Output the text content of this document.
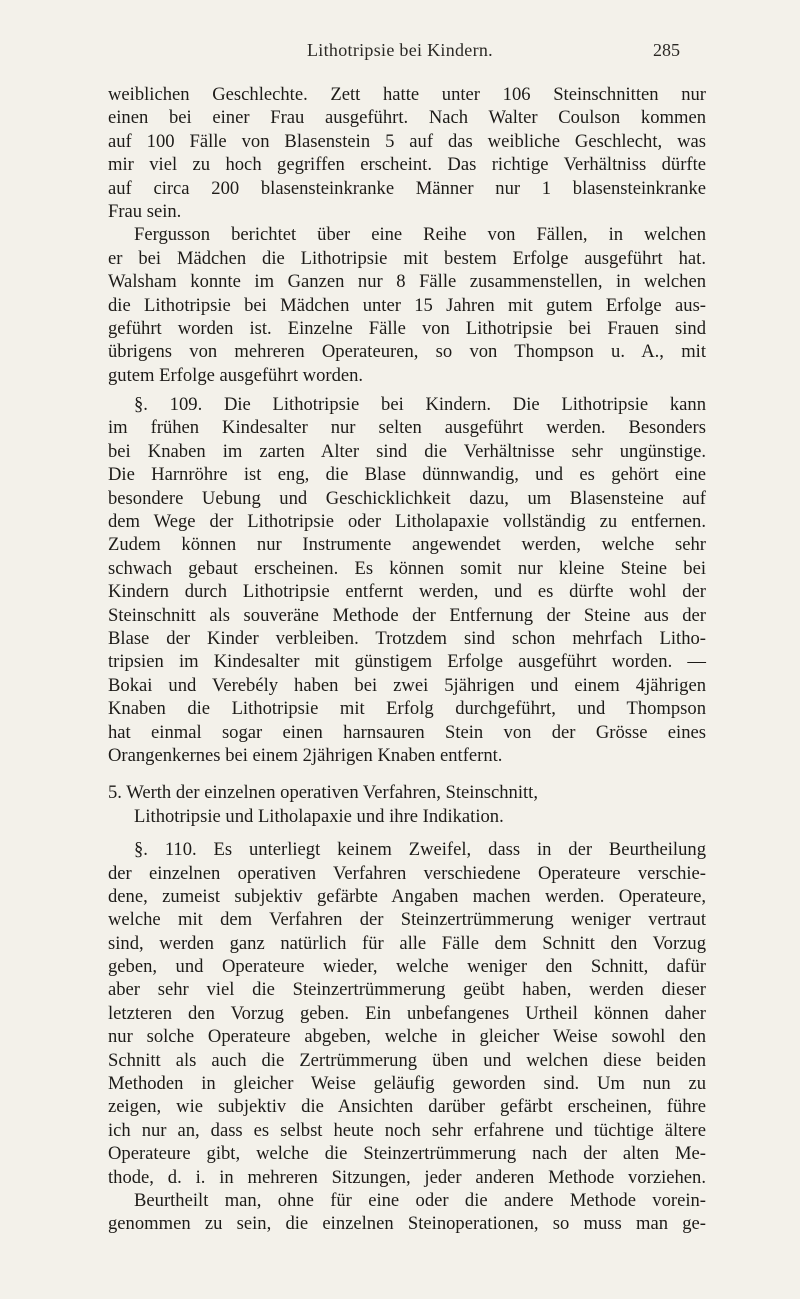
Lithotripsie bei Kindern.	285
weiblichen Geschlechte. Zett hatte unter 106 Steinschnitten nur
einen bei einer Frau ausgeführt. Nach Walter Coulson kommen
auf 100 Fälle von Blasenstein 5 auf das weibliche Geschlecht, was
mir viel zu hoch gegriffen erscheint. Das richtige Verhältniss dürfte
auf circa 200 blasensteinkranke Männer nur 1 blasensteinkranke
Frau sein.
Fergusson berichtet über eine Reihe von Fällen, in welchen
er bei Mädchen die Lithotripsie mit bestem Erfolge ausgeführt hat.
Walsham konnte im Ganzen nur 8 Fälle zusammenstellen, in welchen
die Lithotripsie bei Mädchen unter 15 Jahren mit gutem Erfolge aus-
geführt worden ist. Einzelne Fälle von Lithotripsie bei Frauen sind
übrigens von mehreren Operateuren, so von Thompson u. A., mit
gutem Erfolge ausgeführt worden.
§. 109. Die Lithotripsie bei Kindern. Die Lithotripsie kann
im frühen Kindesalter nur selten ausgeführt werden. Besonders
bei Knaben im zarten Alter sind die Verhältnisse sehr ungünstige.
Die Harnröhre ist eng, die Blase dünnwandig, und es gehört eine
besondere Uebung und Geschicklichkeit dazu, um Blasensteine auf
dem Wege der Lithotripsie oder Litholapaxie vollständig zu entfernen.
Zudem können nur Instrumente angewendet werden, welche sehr
schwach gebaut erscheinen. Es können somit nur kleine Steine bei
Kindern durch Lithotripsie entfernt werden, und es dürfte wohl der
Steinschnitt als souveräne Methode der Entfernung der Steine aus der
Blase der Kinder verbleiben. Trotzdem sind schon mehrfach Litho-
tripsien im Kindesalter mit günstigem Erfolge ausgeführt worden. —
Bokai und Verebély haben bei zwei 5jährigen und einem 4jährigen
Knaben die Lithotripsie mit Erfolg durchgeführt, und Thompson
hat einmal sogar einen harnsauren Stein von der Grösse eines
Orangenkernes bei einem 2jährigen Knaben entfernt.
5. Werth der einzelnen operativen Verfahren, Steinschnitt,
Lithotripsie und Litholapaxie und ihre Indikation.
§. 110. Es unterliegt keinem Zweifel, dass in der Beurtheilung
der einzelnen operativen Verfahren verschiedene Operateure verschie-
dene, zumeist subjektiv gefärbte Angaben machen werden. Operateure,
welche mit dem Verfahren der Steinzertrümmerung weniger vertraut
sind, werden ganz natürlich für alle Fälle dem Schnitt den Vorzug
geben, und Operateure wieder, welche weniger den Schnitt, dafür
aber sehr viel die Steinzertrümmerung geübt haben, werden dieser
letzteren den Vorzug geben. Ein unbefangenes Urtheil können daher
nur solche Operateure abgeben, welche in gleicher Weise sowohl den
Schnitt als auch die Zertrümmerung üben und welchen diese beiden
Methoden in gleicher Weise geläufig geworden sind. Um nun zu
zeigen, wie subjektiv die Ansichten darüber gefärbt erscheinen, führe
ich nur an, dass es selbst heute noch sehr erfahrene und tüchtige ältere
Operateure gibt, welche die Steinzertrümmerung nach der alten Me-
thode, d. i. in mehreren Sitzungen, jeder anderen Methode vorziehen.
Beurtheilt man, ohne für eine oder die andere Methode vorein-
genommen zu sein, die einzelnen Steinoperationen, so muss man ge-
